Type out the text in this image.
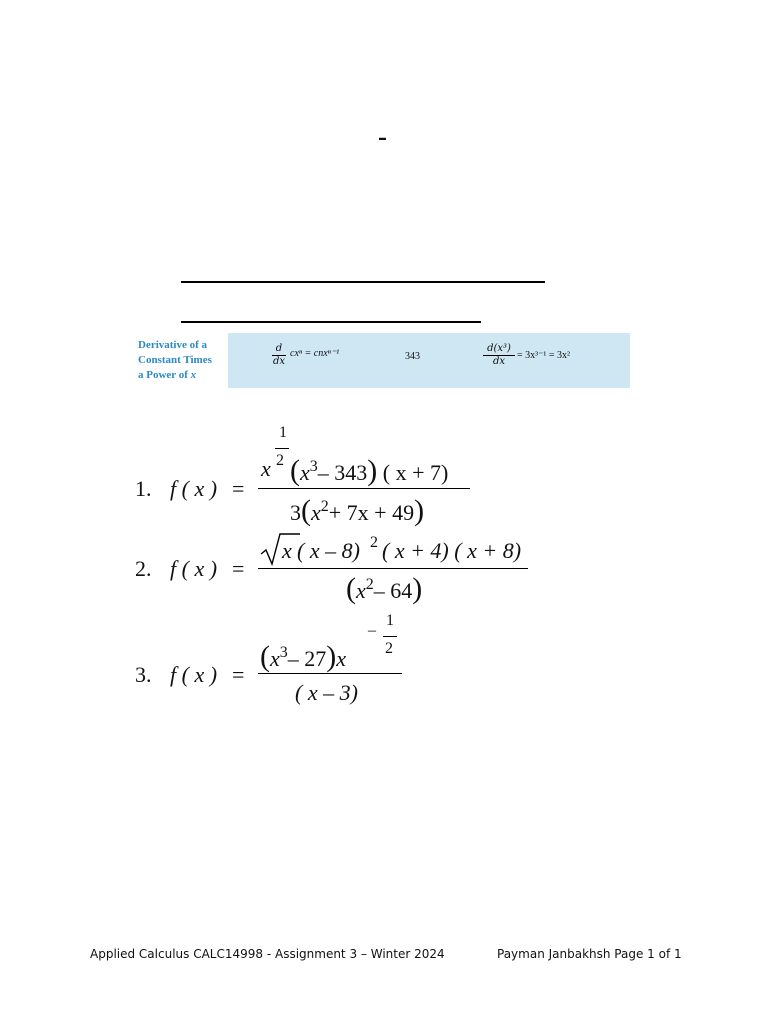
–
Derivative of a
Constant Times
a Power of x
$\frac{d}{dx}$ cxⁿ = cnxⁿ⁻¹	343	$\frac{\text{d(x³)}}{dx} = 3x^{3-1} = 3x^2$
1. f ( x ) =
1
x 2 ($x^3-$ 343) ( x + 7)
$3(x^2+ 7x + 49)$
2. f ( x ) =
x ( x – 8) 2 ( x + 4) ( x + 8)
($x^2-$ 64)
3. f ( x ) =
($x^3-$ 27)x
–
1
2
( x – 3)
Applied Calculus CALC14998 - Assignment 3 – Winter 2024	Payman Janbakhsh Page 1 of 1
